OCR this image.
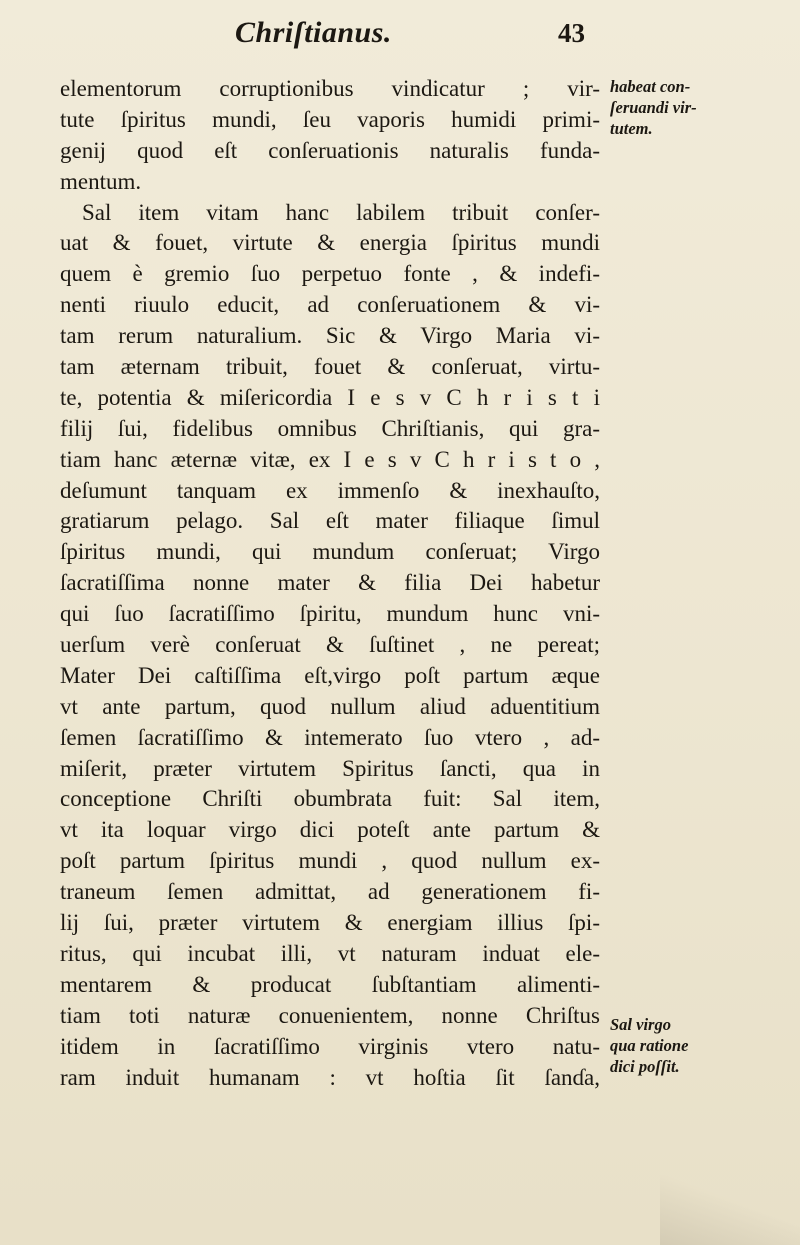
Chriſtianus.	43
elementorum corruptionibus vindicatur ; vir-
tute ſpiritus mundi, ſeu vaporis humidi primi-
genij quod eſt conſeruationis naturalis funda-
mentum.
Sal item vitam hanc labilem tribuit conſer-
uat & fouet, virtute & energia ſpiritus mundi
quem è gremio ſuo perpetuo fonte , & indefi-
nenti riuulo educit, ad conſeruationem & vi-
tam rerum naturalium. Sic & Virgo Maria vi-
tam æternam tribuit, fouet & conſeruat, virtu-
te, potentia & miſericordia I e s v C h r i s t i
filij ſui, fidelibus omnibus Chriſtianis, qui gra-
tiam hanc æternæ vitæ, ex I e s v C h r i s t o ,
deſumunt tanquam ex immenſo & inexhauſto,
gratiarum pelago. Sal eſt mater filiaque ſimul
ſpiritus mundi, qui mundum conſeruat; Virgo
ſacratiſſima nonne mater & filia Dei habetur
qui ſuo ſacratiſſimo ſpiritu, mundum hunc vni-
uerſum verè conſeruat & ſuſtinet , ne pereat;
Mater Dei caſtiſſima eſt,virgo poſt partum æque
vt ante partum, quod nullum aliud aduentitium
ſemen ſacratiſſimo & intemerato ſuo vtero , ad-
miſerit, præter virtutem Spiritus ſancti, qua in
conceptione Chriſti obumbrata fuit: Sal item,
vt ita loquar virgo dici poteſt ante partum &
poſt partum ſpiritus mundi , quod nullum ex-
traneum ſemen admittat, ad generationem fi-
lij ſui, præter virtutem & energiam illius ſpi-
ritus, qui incubat illi, vt naturam induat ele-
mentarem & producat ſubſtantiam alimenti-
tiam toti naturæ conuenientem, nonne Chriſtus
itidem in ſacratiſſimo virginis vtero natu-
ram induit humanam : vt hoſtia ſit ſanɗa,
habeat con-
ſeruandi vir-
tutem.
Sal virgo
qua ratione
dici poſſit.
